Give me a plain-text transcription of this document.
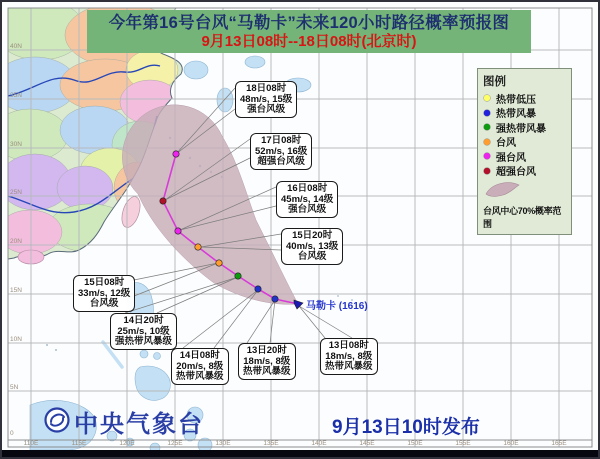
今年第16号台风“马勒卡”未来120小时路径概率预报图
9月13日08时--18日08时(北京时)
图例
热带低压
热带风暴
强热带风暴
台风
强台风
超强台风
台风中心70%概率范围
13日08时
18m/s, 8级
热带风暴级
13日20时
18m/s, 8级
热带风暴级
14日08时
20m/s, 8级
热带风暴级
14日20时
25m/s, 10级
强热带风暴级
15日08时
33m/s, 12级
台风级
15日20时
40m/s, 13级
台风级
16日08时
45m/s, 14级
强台风级
17日08时
52m/s, 16级
超强台风级
18日08时
48m/s, 15级
强台风级
马勒卡 (1616)
中央气象台	9月13日10时发布
40N
35N
30N
25N
20N
15N
10N
5N
0
110E	115E	120E	125E	130E	135E	140E	145E	150E	155E	160E	165E
